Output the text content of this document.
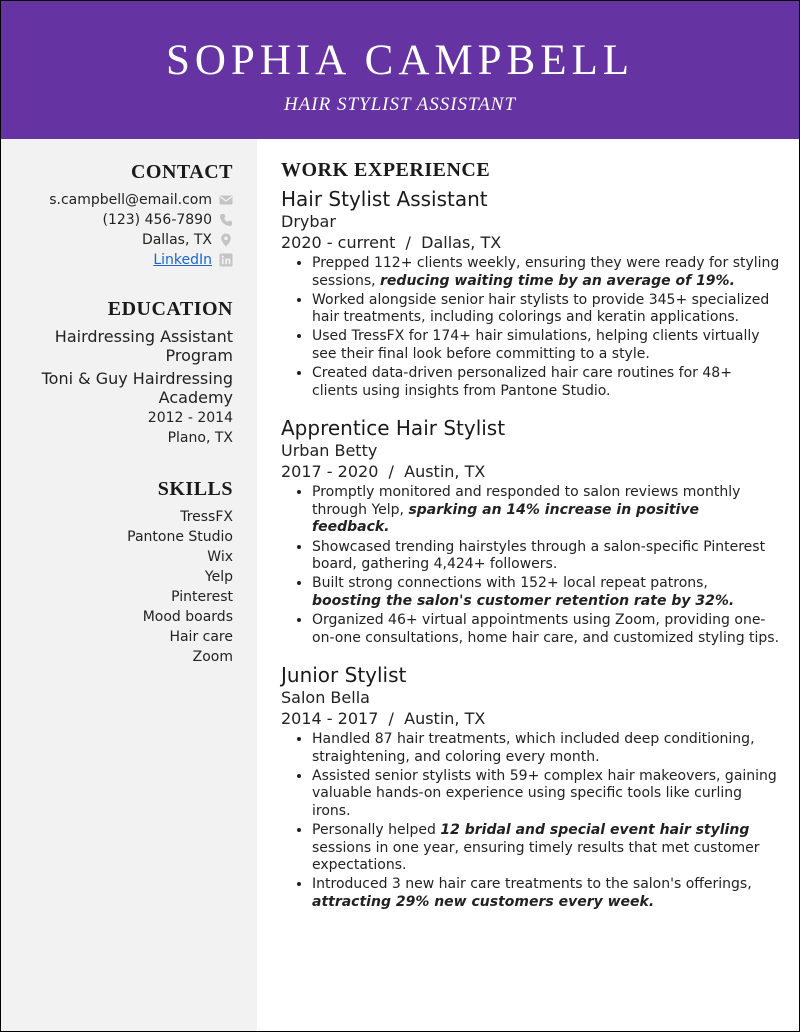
SOPHIA CAMPBELL
HAIR STYLIST ASSISTANT
CONTACT
s.campbell@email.com
(123) 456-7890
Dallas, TX
LinkedIn
EDUCATION
Hairdressing Assistant
Program
Toni & Guy Hairdressing
Academy
2012 - 2014
Plano, TX
SKILLS
TressFX
Pantone Studio
Wix
Yelp
Pinterest
Mood boards
Hair care
Zoom
WORK EXPERIENCE
Hair Stylist Assistant
Drybar
2020 - current  /  Dallas, TX
• Prepped 112+ clients weekly, ensuring they were ready for styling sessions, reducing waiting time by an average of 19%.
• Worked alongside senior hair stylists to provide 345+ specialized hair treatments, including colorings and keratin applications.
• Used TressFX for 174+ hair simulations, helping clients virtually see their final look before committing to a style.
• Created data-driven personalized hair care routines for 48+ clients using insights from Pantone Studio.
Apprentice Hair Stylist
Urban Betty
2017 - 2020  /  Austin, TX
• Promptly monitored and responded to salon reviews monthly through Yelp, sparking an 14% increase in positive feedback.
• Showcased trending hairstyles through a salon-specific Pinterest board, gathering 4,424+ followers.
• Built strong connections with 152+ local repeat patrons, boosting the salon's customer retention rate by 32%.
• Organized 46+ virtual appointments using Zoom, providing one-on-one consultations, home hair care, and customized styling tips.
Junior Stylist
Salon Bella
2014 - 2017  /  Austin, TX
• Handled 87 hair treatments, which included deep conditioning, straightening, and coloring every month.
• Assisted senior stylists with 59+ complex hair makeovers, gaining valuable hands-on experience using specific tools like curling irons.
• Personally helped 12 bridal and special event hair styling sessions in one year, ensuring timely results that met customer expectations.
• Introduced 3 new hair care treatments to the salon's offerings, attracting 29% new customers every week.
